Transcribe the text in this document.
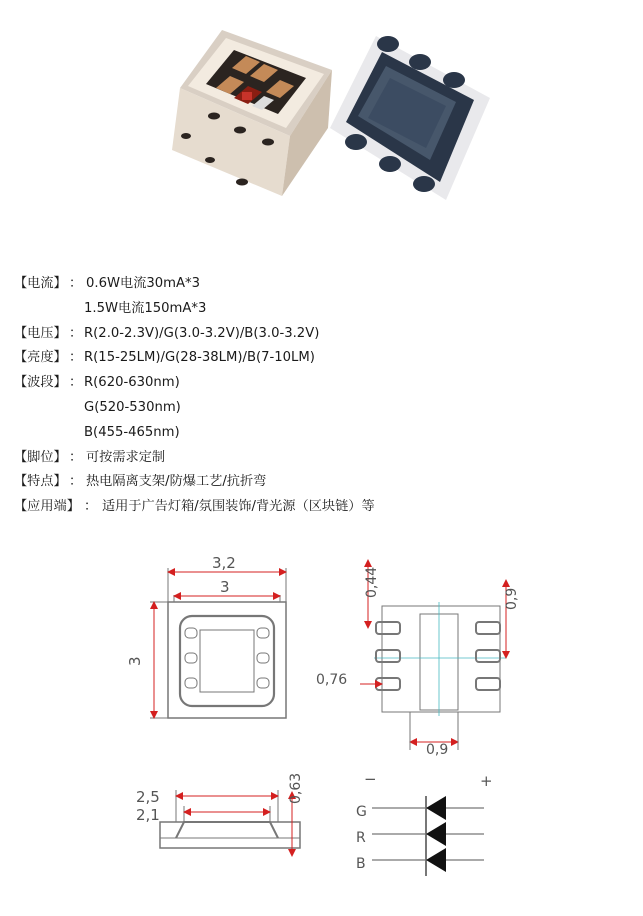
【电流】 ： 0.6W电流30mA*3
1.5W电流150mA*3
【电压】 ： R(2.0-2.3V)/G(3.0-3.2V)/B(3.0-3.2V)
【亮度】 ： R(15-25LM)/G(28-38LM)/B(7-10LM)
【波段】 ： R(620-630nm)
G(520-530nm)
B(455-465nm)
【脚位】 ： 可按需求定制
【特点】 ： 热电隔离支架/防爆工艺/抗折弯
【应用端】 ： 适用于广告灯箱/氛围装饰/背光源（区块链）等
3,2
3
3
0,44
0,9
0,76
0,9
2,5
2,1
0,63	−	+
G
R
B
